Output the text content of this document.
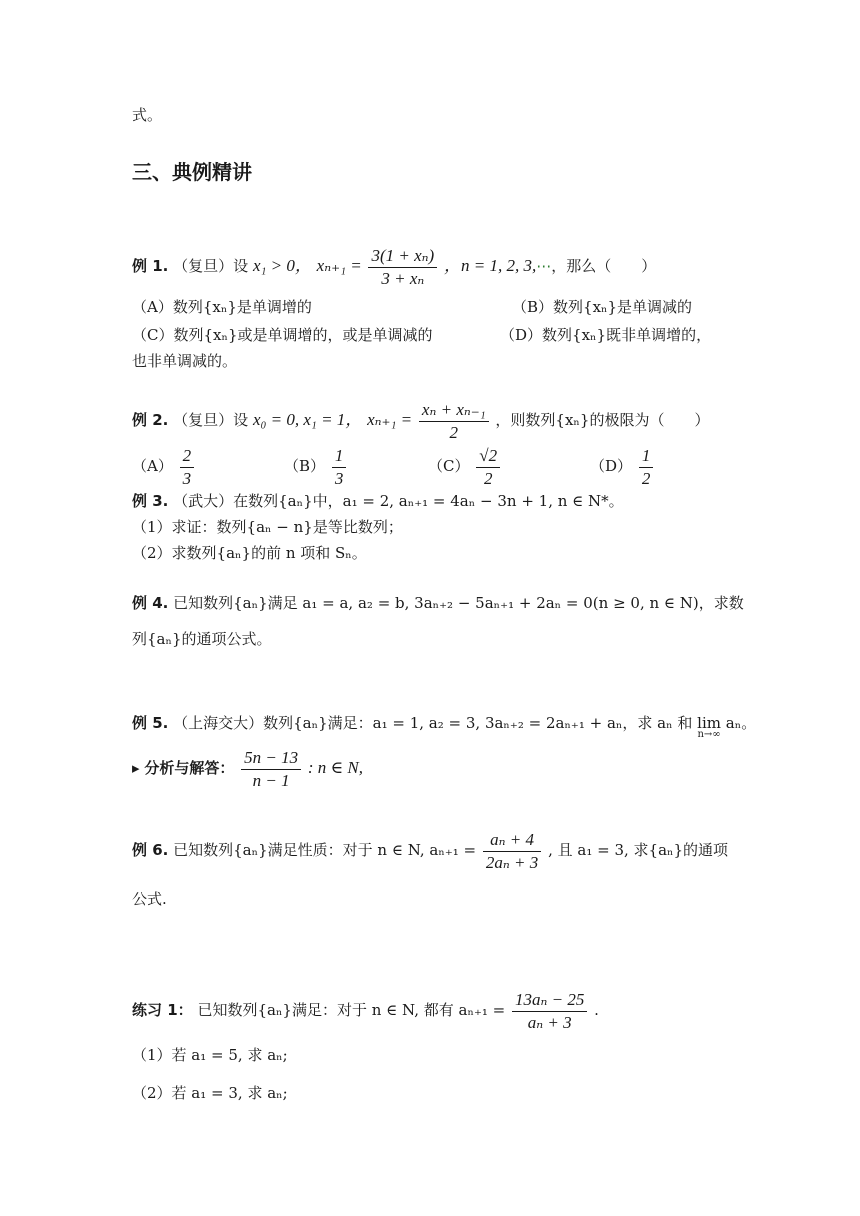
式。
三、典例精讲
例 1. （复旦）设 x₁ > 0， $x_{n+1} = \frac{\text{3(1 + xₙ)}}{\text{3 + xₙ}}$ ，n = 1, 2, 3,⋯，那么（　　）
（A）数列{xₙ}是单调增的	（B）数列{xₙ}是单调减的
（C）数列{xₙ}或是单调增的，或是单调减的	（D）数列{xₙ}既非单调增的，
也非单调减的。
例 2. （复旦）设 x₀ = 0, x₁ = 1， $x_{n+1} = \frac{\text{xₙ + xₙ₋₁}}{2}$ ，则数列{xₙ}的极限为（　　）
$(A) \frac{2}{3}$	$(B) \frac{1}{3}$	$(C) \frac{√2}{2}$	$(D) \frac{1}{2}$
例 3. （武大）在数列{aₙ}中，a₁ = 2, aₙ₊₁ = 4aₙ − 3n + 1, n ∈ N*。
（1）求证：数列{aₙ − n}是等比数列；
（2）求数列{aₙ}的前 n 项和 Sₙ。
例 4. 已知数列{aₙ}满足 a₁ = a, a₂ = b, 3aₙ₊₂ − 5aₙ₊₁ + 2aₙ = 0(n ≥ 0, n ∈ N)，求数
列{aₙ}的通项公式。
例 5. （上海交大）数列{aₙ}满足：a₁ = 1, a₂ = 3, 3aₙ₊₂ = 2aₙ₊₁ + aₙ，求 aₙ 和 lim
n→∞
aₙ。
▸ 分析与解答： $\frac{5n - 13}{n - 1}$ : n ∈ N,
例 6. 已知数列{aₙ}满足性质：对于 n ∈ N, $a_{n+1} = \frac{\text{aₙ + 4}}{\text{2aₙ + 3}}$ , 且 a₁ = 3, 求{aₙ}的通项
公式.
练习 1： 已知数列{aₙ}满足：对于 n ∈ N, 都有 $a_{n+1} = \frac{\text{13aₙ − 25}}{\text{aₙ + 3}}$ .
（1）若 a₁ = 5, 求 aₙ;
（2）若 a₁ = 3, 求 aₙ;
